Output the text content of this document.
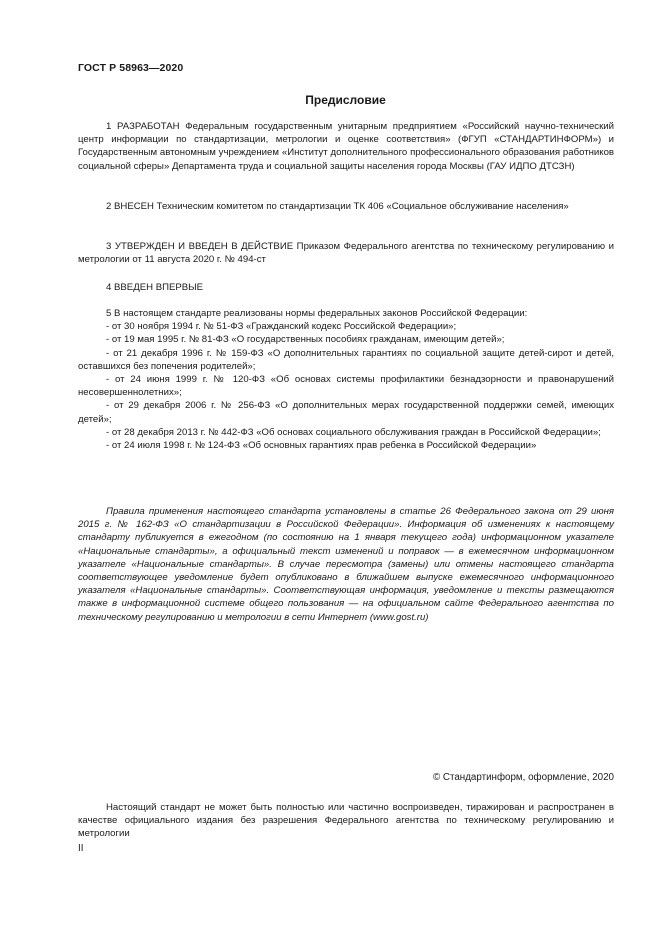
ГОСТ Р 58963—2020
Предисловие
1 РАЗРАБОТАН Федеральным государственным унитарным предприятием «Российский научно-технический центр информации по стандартизации, метрологии и оценке соответствия» (ФГУП «СТАНДАРТИНФОРМ») и Государственным автономным учреждением «Институт дополнительного профессионального образования работников социальной сферы» Департамента труда и социальной защиты населения города Москвы (ГАУ ИДПО ДТСЗН)
2 ВНЕСЕН Техническим комитетом по стандартизации ТК 406 «Социальное обслуживание населения»
3 УТВЕРЖДЕН И ВВЕДЕН В ДЕЙСТВИЕ Приказом Федерального агентства по техническому регулированию и метрологии от 11 августа 2020 г. № 494-ст
4 ВВЕДЕН ВПЕРВЫЕ
5 В настоящем стандарте реализованы нормы федеральных законов Российской Федерации:
- от 30 ноября 1994 г. № 51-ФЗ «Гражданский кодекс Российской Федерации»;
- от 19 мая 1995 г. № 81-ФЗ «О государственных пособиях гражданам, имеющим детей»;
- от 21 декабря 1996 г. № 159-ФЗ «О дополнительных гарантиях по социальной защите детей-сирот и детей, оставшихся без попечения родителей»;
- от 24 июня 1999 г. № 120-ФЗ «Об основах системы профилактики безнадзорности и правонарушений несовершеннолетних»;
- от 29 декабря 2006 г. № 256-ФЗ «О дополнительных мерах государственной поддержки семей, имеющих детей»;
- от 28 декабря 2013 г. № 442-ФЗ «Об основах социального обслуживания граждан в Российской Федерации»;
- от 24 июля 1998 г. № 124-ФЗ «Об основных гарантиях прав ребенка в Российской Федерации»
Правила применения настоящего стандарта установлены в статье 26 Федерального закона от 29 июня 2015 г. № 162-ФЗ «О стандартизации в Российской Федерации». Информация об изменениях к настоящему стандарту публикуется в ежегодном (по состоянию на 1 января текущего года) информационном указателе «Национальные стандарты», а официальный текст изменений и поправок — в ежемесячном информационном указателе «Национальные стандарты». В случае пересмотра (замены) или отмены настоящего стандарта соответствующее уведомление будет опубликовано в ближайшем выпуске ежемесячного информационного указателя «Национальные стандарты». Соответствующая информация, уведомление и тексты размещаются также в информационной системе общего пользования — на официальном сайте Федерального агентства по техническому регулированию и метрологии в сети Интернет (www.gost.ru)
© Стандартинформ, оформление, 2020
Настоящий стандарт не может быть полностью или частично воспроизведен, тиражирован и распространен в качестве официального издания без разрешения Федерального агентства по техническому регулированию и метрологии
II
